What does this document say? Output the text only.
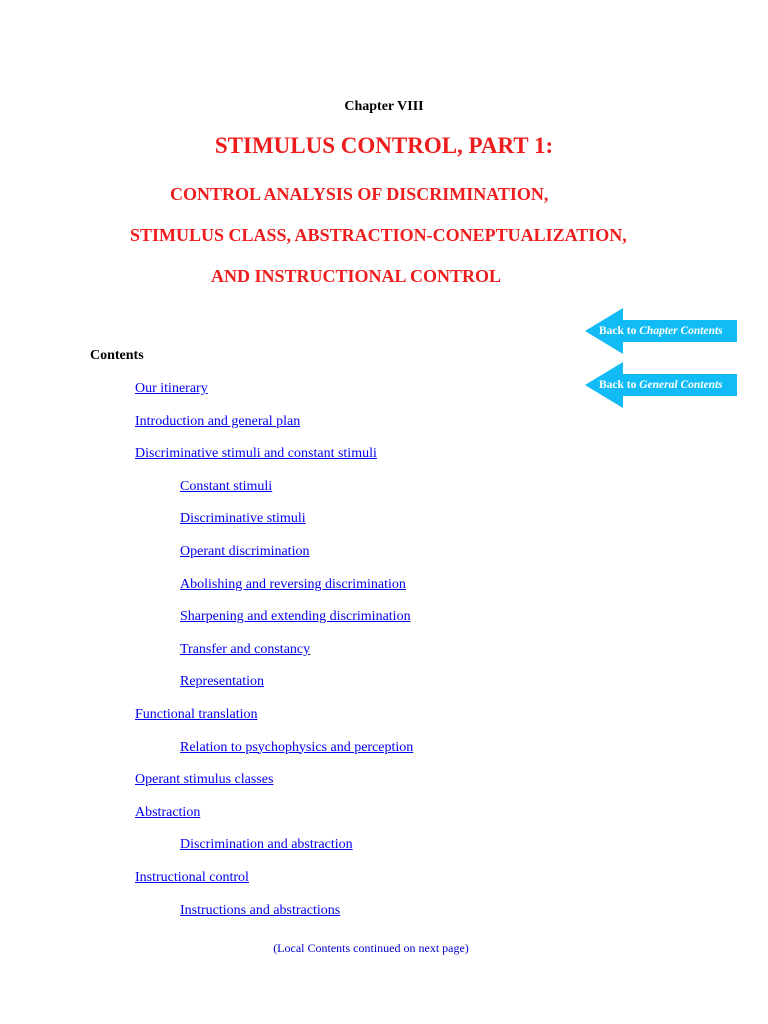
Chapter VIII
STIMULUS CONTROL, PART 1:
CONTROL ANALYSIS OF DISCRIMINATION,
STIMULUS CLASS, ABSTRACTION-CONEPTUALIZATION,
AND INSTRUCTIONAL CONTROL
Back to Chapter Contents
Back to General Contents
Contents
Our itinerary
Introduction and general plan
Discriminative stimuli and constant stimuli
Constant stimuli
Discriminative stimuli
Operant discrimination
Abolishing and reversing discrimination
Sharpening and extending discrimination
Transfer and constancy
Representation
Functional translation
Relation to psychophysics and perception
Operant stimulus classes
Abstraction
Discrimination and abstraction
Instructional control
Instructions and abstractions
(Local Contents continued on next page)
